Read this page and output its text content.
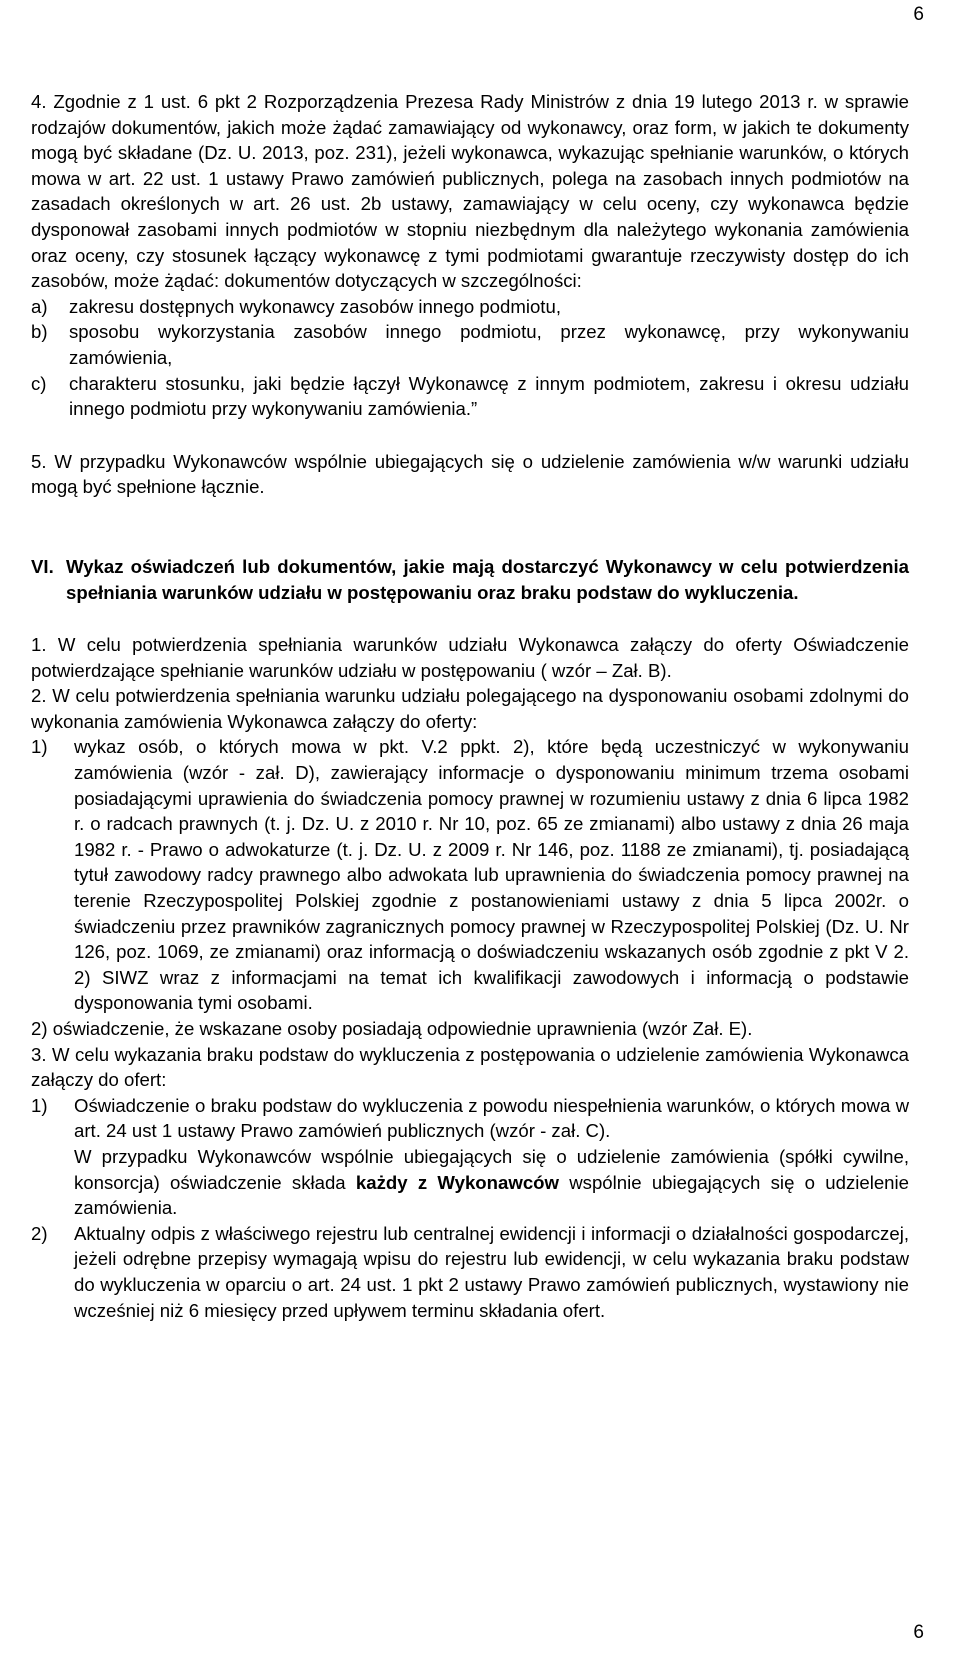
6

4. Zgodnie z 1 ust. 6 pkt 2 Rozporządzenia Prezesa Rady Ministrów z dnia 19 lutego 2013 r. w sprawie rodzajów dokumentów, jakich może żądać zamawiający od wykonawcy, oraz form, w jakich te dokumenty mogą być składane (Dz. U. 2013, poz. 231), jeżeli wykonawca, wykazując spełnianie warunków, o których mowa w art. 22 ust. 1 ustawy Prawo zamówień publicznych, polega na zasobach innych podmiotów na zasadach określonych w art. 26 ust. 2b ustawy, zamawiający w celu oceny, czy wykonawca będzie dysponował zasobami innych podmiotów w stopniu niezbędnym dla należytego wykonania zamówienia oraz oceny, czy stosunek łączący wykonawcę z tymi podmiotami gwarantuje rzeczywisty dostęp do ich zasobów, może żądać: dokumentów dotyczących w szczególności:

a)	zakresu dostępnych wykonawcy zasobów innego podmiotu,
b)	sposobu wykorzystania zasobów innego podmiotu, przez wykonawcę, przy wykonywaniu zamówienia,
c)	charakteru stosunku, jaki będzie łączył Wykonawcę z innym podmiotem, zakresu i okresu udziału innego podmiotu przy wykonywaniu zamówienia.”

5. W przypadku Wykonawców wspólnie ubiegających się o udzielenie zamówienia w/w warunki udziału mogą być spełnione łącznie.

VI. Wykaz oświadczeń lub dokumentów, jakie mają dostarczyć Wykonawcy w celu potwierdzenia spełniania warunków udziału w postępowaniu oraz braku podstaw do wykluczenia.

1. W celu potwierdzenia spełniania warunków udziału Wykonawca załączy do oferty Oświadczenie potwierdzające spełnianie warunków udziału w postępowaniu ( wzór – Zał. B).

2. W celu potwierdzenia spełniania warunku udziału polegającego na dysponowaniu osobami zdolnymi do wykonania zamówienia Wykonawca załączy do oferty:

1)	wykaz osób, o których mowa w pkt. V.2 ppkt. 2), które będą uczestniczyć w wykonywaniu zamówienia (wzór - zał. D), zawierający informacje o dysponowaniu minimum trzema osobami posiadającymi uprawienia do świadczenia pomocy prawnej w rozumieniu ustawy z dnia 6 lipca 1982 r. o radcach prawnych (t. j. Dz. U. z 2010 r. Nr 10, poz. 65 ze zmianami) albo ustawy z dnia 26 maja 1982 r. - Prawo o adwokaturze (t. j. Dz. U. z 2009 r. Nr 146, poz. 1188 ze zmianami), tj. posiadającą tytuł zawodowy radcy prawnego albo adwokata lub uprawnienia do świadczenia pomocy prawnej na terenie Rzeczypospolitej Polskiej zgodnie z postanowieniami ustawy z dnia 5 lipca 2002r. o świadczeniu przez prawników zagranicznych pomocy prawnej w Rzeczypospolitej Polskiej (Dz. U. Nr 126, poz. 1069, ze zmianami) oraz informacją o doświadczeniu wskazanych osób zgodnie z pkt V 2. 2) SIWZ wraz z informacjami na temat ich kwalifikacji zawodowych i informacją o podstawie dysponowania tymi osobami.

2) oświadczenie, że wskazane osoby posiadają odpowiednie uprawnienia (wzór Zał. E).

3. W celu wykazania braku podstaw do wykluczenia z postępowania o udzielenie zamówienia Wykonawca załączy do ofert:

1)	Oświadczenie o braku podstaw do wykluczenia z powodu niespełnienia warunków, o których mowa w art. 24 ust 1 ustawy Prawo zamówień publicznych (wzór - zał. C).
W przypadku Wykonawców wspólnie ubiegających się o udzielenie zamówienia (spółki cywilne, konsorcja) oświadczenie składa każdy z Wykonawców wspólnie ubiegających się o udzielenie zamówienia.
2)	Aktualny odpis z właściwego rejestru lub centralnej ewidencji i informacji o działalności gospodarczej, jeżeli odrębne przepisy wymagają wpisu do rejestru lub ewidencji, w celu wykazania braku podstaw do wykluczenia w oparciu o art. 24 ust. 1 pkt 2 ustawy Prawo zamówień publicznych, wystawiony nie wcześniej niż 6 miesięcy przed upływem terminu składania ofert.
6
